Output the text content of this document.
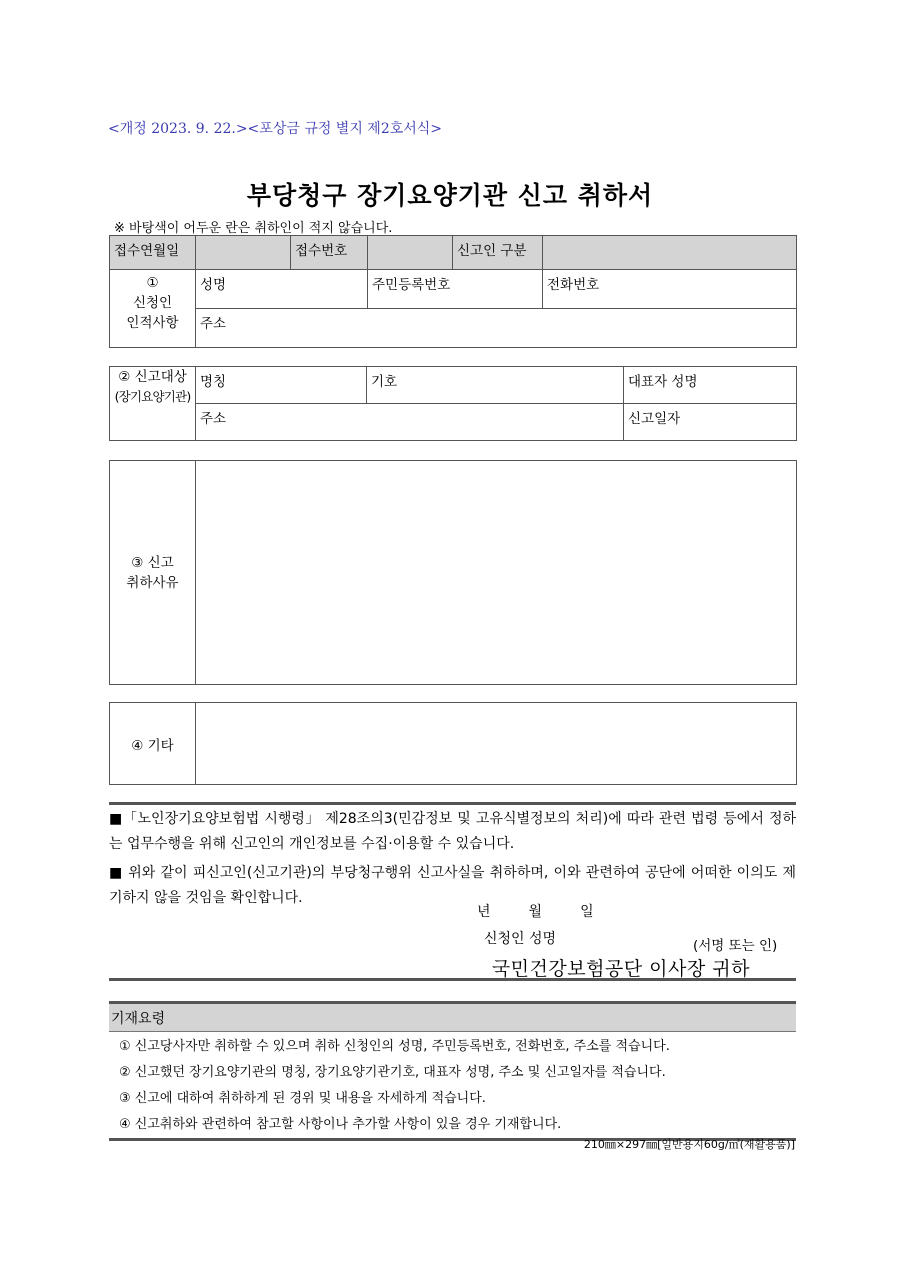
<개정 2023. 9. 22.><포상금 규정 별지 제2호서식>
부당청구 장기요양기관 신고 취하서
※ 바탕색이 어두운 란은 취하인이 적지 않습니다.
접수연월일		접수번호		신고인 구분	

①
신청인
인적사항	성명		주민등록번호		전화번호
	주소				
② 신고대상
(장기요양기관)	명칭	기호	대표자 성명
	주소		신고일자
③ 신고
취하사유
④ 기타

■「노인장기요양보험법 시행령」 제28조의3(민감정보 및 고유식별정보의 처리)에 따라 관련 법령 등에서 정하는 업무수행을 위해 신고인의 개인정보를 수집·이용할 수 있습니다.

■ 위와 같이 피신고인(신고기관)의 부당청구행위 신고사실을 취하하며, 이와 관련하여 공단에 어떠한 이의도 제기하지 않을 것임을 확인합니다.

년	월	일
신청인 성명	(서명 또는 인)
국민건강보험공단 이사장 귀하
기재요령
① 신고당사자만 취하할 수 있으며 취하 신청인의 성명, 주민등록번호, 전화번호, 주소를 적습니다.
② 신고했던 장기요양기관의 명칭, 장기요양기관기호, 대표자 성명, 주소 및 신고일자를 적습니다.
③ 신고에 대하여 취하하게 된 경위 및 내용을 자세하게 적습니다.
④ 신고취하와 관련하여 참고할 사항이나 추가할 사항이 있을 경우 기재합니다.
210㎜×297㎜[일반용지60g/㎡(재활용품)]
